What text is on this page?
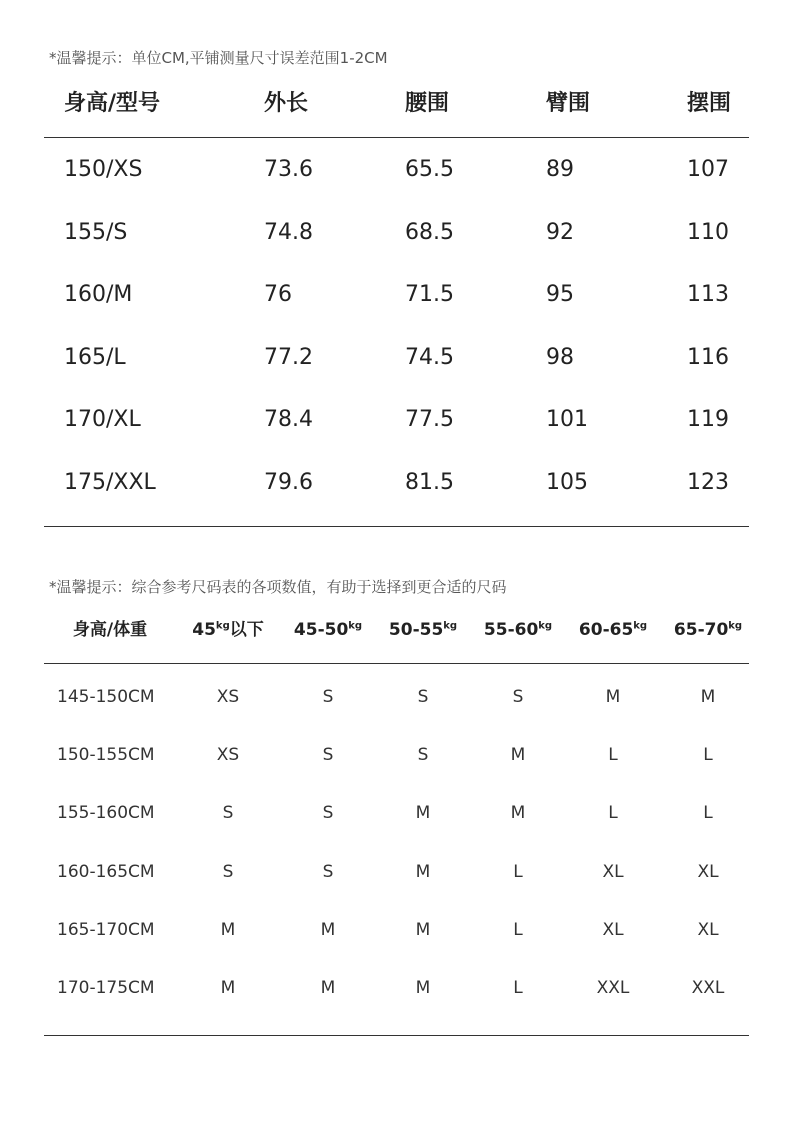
*温馨提示：单位CM,平铺测量尺寸误差范围1-2CM
身高/型号	外长	腰围	臂围	摆围
150/XS	73.6	65.5	89	107
155/S	74.8	68.5	92	110
160/M	76	71.5	95	113
165/L	77.2	74.5	98	116
170/XL	78.4	77.5	101	119
175/XXL	79.6	81.5	105	123
*温馨提示：综合参考尺码表的各项数值，有助于选择到更合适的尺码
身高/体重	$45^{kg}$以下	$45-50^{kg}$	$50-55^{kg}$	$55-60^{kg}$	$60-65^{kg}$	$65-70^{kg}$
145-150CM	XS	S	S	S	M	M
150-155CM	XS	S	S	M	L	L
155-160CM	S	S	M	M	L	L
160-165CM	S	S	M	L	XL	XL
165-170CM	M	M	M	L	XL	XL
170-175CM	M	M	M	L	XXL	XXL
